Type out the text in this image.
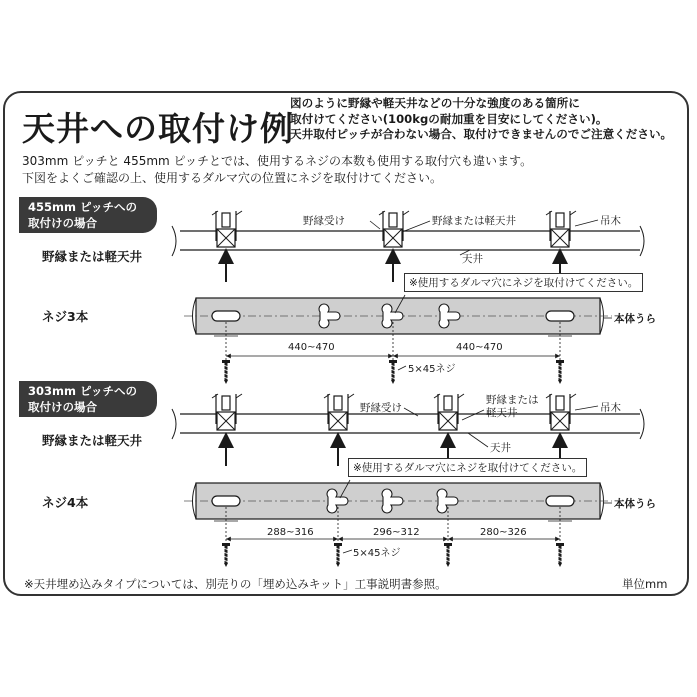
天井への取付け例
図のように野縁や軽天井などの十分な強度のある箇所に
取付けてください(100kgの耐加重を目安にしてください)。
天井取付ピッチが合わない場合、取付けできませんのでご注意ください。
303mm ピッチと 455mm ピッチとでは、使用するネジの本数も使用する取付穴も違います。
下図をよくご確認の上、使用するダルマ穴の位置にネジを取付けてください。
455mm ピッチへの
取付けの場合
野縁または軽天井
ネジ3本
野縁受け	野縁または軽天井	吊木
天井
※使用するダルマ穴にネジを取付けてください。
本体うら
440~470	440~470
5×45ネジ
303mm ピッチへの
取付けの場合
野縁または軽天井
ネジ4本
野縁受け
野縁または
軽天井	吊木
天井
※使用するダルマ穴にネジを取付けてください。
本体うら
288~316	296~312	280~326
5×45ネジ
※天井埋め込みタイプについては、別売りの「埋め込みキット」工事説明書参照。	単位mm
